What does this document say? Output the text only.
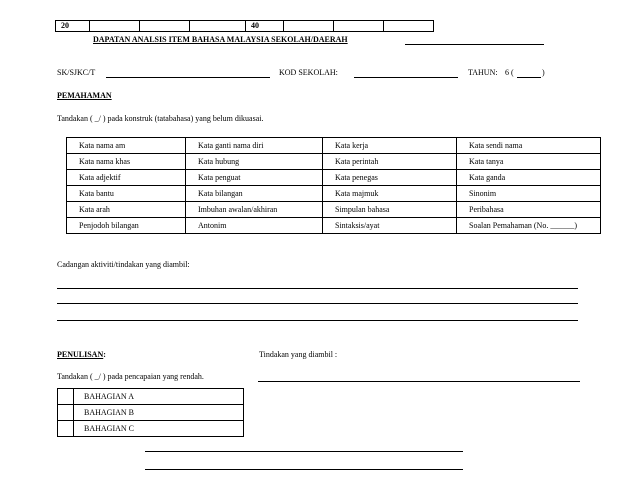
20				40			
DAPATAN ANALSIS ITEM BAHASA MALAYSIA SEKOLAH/DAERAH
SK/SJKC/T	KOD SEKOLAH:	TAHUN: 6 (	)
PEMAHAMAN
Tandakan ( _/ ) pada konstruk (tatabahasa) yang belum dikuasai.
Kata nama am	Kata ganti nama diri	Kata kerja	Kata sendi nama
Kata nama khas	Kata hubung	Kata perintah	Kata tanya
Kata adjektif	Kata penguat	Kata penegas	Kata ganda
Kata bantu	Kata bilangan	Kata majmuk	Sinonim
Kata arah	Imbuhan awalan/akhiran	Simpulan bahasa	Peribahasa
Penjodoh bilangan	Antonim	Sintaksis/ayat	Soalan Pemahaman (No. ______)
Cadangan aktiviti/tindakan yang diambil:
PENULISAN:	Tindakan yang diambil :
Tandakan ( _/ ) pada pencapaian yang rendah.
	BAHAGIAN A
	BAHAGIAN B
	BAHAGIAN C
